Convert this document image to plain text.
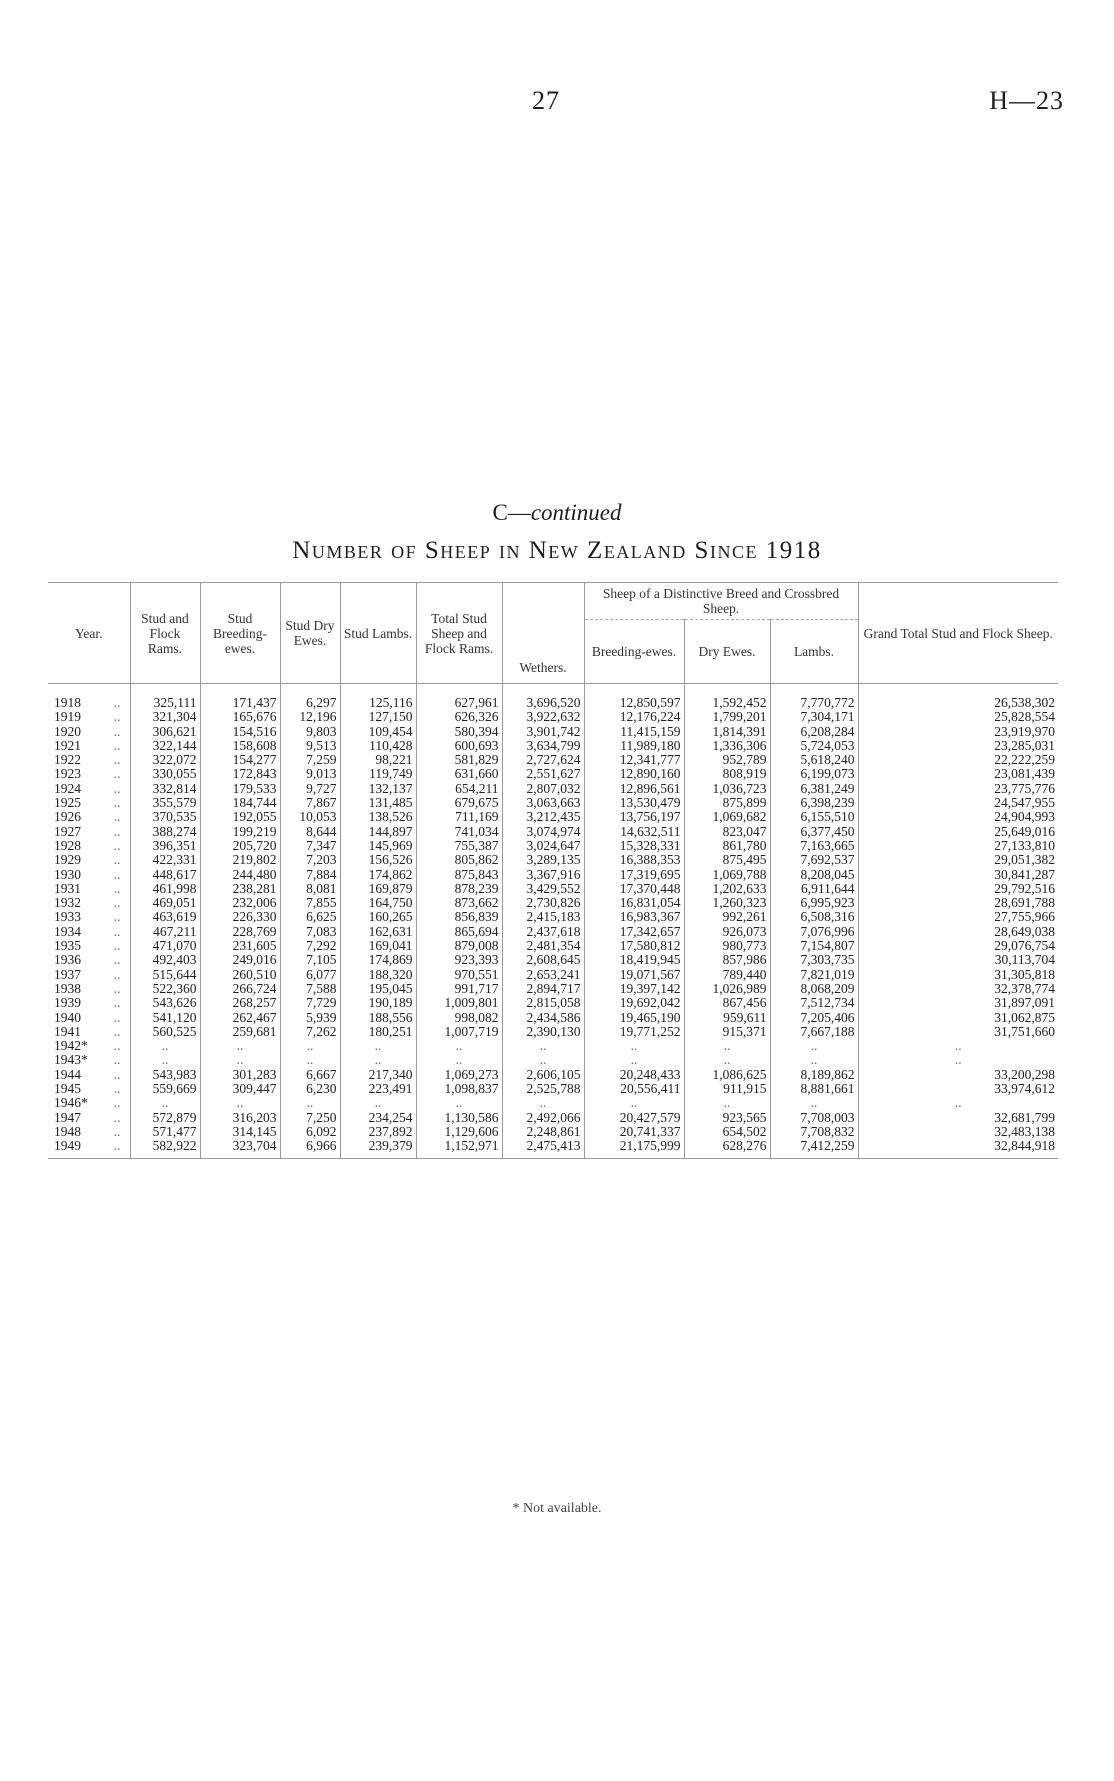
27	H—23
C—continued
Number of Sheep in New Zealand Since 1918
Year.	Stud and Flock Rams.	Stud Breeding-ewes.	Stud Dry Ewes.	Stud Lambs.	Total Stud Sheep and Flock Rams.	Wethers.	Sheep of a Distinctive Breed and Crossbred Sheep.			Grand Total Stud and Flock Sheep.
							Breeding-ewes.	Dry Ewes.	Lambs.	

..
1918	325,111	171,437	6,297	125,116	627,961	3,696,520	12,850,597	1,592,452	7,770,772	26,538,302

..
1919	321,304	165,676	12,196	127,150	626,326	3,922,632	12,176,224	1,799,201	7,304,171	25,828,554

..
1920	306,621	154,516	9,803	109,454	580,394	3,901,742	11,415,159	1,814,391	6,208,284	23,919,970

..
1921	322,144	158,608	9,513	110,428	600,693	3,634,799	11,989,180	1,336,306	5,724,053	23,285,031

..
1922	322,072	154,277	7,259	98,221	581,829	2,727,624	12,341,777	952,789	5,618,240	22,222,259

..
1923	330,055	172,843	9,013	119,749	631,660	2,551,627	12,890,160	808,919	6,199,073	23,081,439

..
1924	332,814	179,533	9,727	132,137	654,211	2,807,032	12,896,561	1,036,723	6,381,249	23,775,776

..
1925	355,579	184,744	7,867	131,485	679,675	3,063,663	13,530,479	875,899	6,398,239	24,547,955

..
1926	370,535	192,055	10,053	138,526	711,169	3,212,435	13,756,197	1,069,682	6,155,510	24,904,993

..
1927	388,274	199,219	8,644	144,897	741,034	3,074,974	14,632,511	823,047	6,377,450	25,649,016

..
1928	396,351	205,720	7,347	145,969	755,387	3,024,647	15,328,331	861,780	7,163,665	27,133,810

..
1929	422,331	219,802	7,203	156,526	805,862	3,289,135	16,388,353	875,495	7,692,537	29,051,382

..
1930	448,617	244,480	7,884	174,862	875,843	3,367,916	17,319,695	1,069,788	8,208,045	30,841,287

..
1931	461,998	238,281	8,081	169,879	878,239	3,429,552	17,370,448	1,202,633	6,911,644	29,792,516

..
1932	469,051	232,006	7,855	164,750	873,662	2,730,826	16,831,054	1,260,323	6,995,923	28,691,788

..
1933	463,619	226,330	6,625	160,265	856,839	2,415,183	16,983,367	992,261	6,508,316	27,755,966

..
1934	467,211	228,769	7,083	162,631	865,694	2,437,618	17,342,657	926,073	7,076,996	28,649,038

..
1935	471,070	231,605	7,292	169,041	879,008	2,481,354	17,580,812	980,773	7,154,807	29,076,754

..
1936	492,403	249,016	7,105	174,869	923,393	2,608,645	18,419,945	857,986	7,303,735	30,113,704

..
1937	515,644	260,510	6,077	188,320	970,551	2,653,241	19,071,567	789,440	7,821,019	31,305,818

..
1938	522,360	266,724	7,588	195,045	991,717	2,894,717	19,397,142	1,026,989	8,068,209	32,378,774

..
1939	543,626	268,257	7,729	190,189	1,009,801	2,815,058	19,692,042	867,456	7,512,734	31,897,091

..
1940	541,120	262,467	5,939	188,556	998,082	2,434,586	19,465,190	959,611	7,205,406	31,062,875

..
1941	560,525	259,681	7,262	180,251	1,007,719	2,390,130	19,771,252	915,371	7,667,188	31,751,660

..
1942*	..	..	..	..	..	..	..	..	..	..

..
1943*	..	..	..	..	..	..	..	..	..	..

..
1944	543,983	301,283	6,667	217,340	1,069,273	2,606,105	20,248,433	1,086,625	8,189,862	33,200,298

..
1945	559,669	309,447	6,230	223,491	1,098,837	2,525,788	20,556,411	911,915	8,881,661	33,974,612

..
1946*	..	..	..	..	..	..	..	..	..	..

..
1947	572,879	316,203	7,250	234,254	1,130,586	2,492,066	20,427,579	923,565	7,708,003	32,681,799

..
1948	571,477	314,145	6,092	237,892	1,129,606	2,248,861	20,741,337	654,502	7,708,832	32,483,138

..
1949	582,922	323,704	6,966	239,379	1,152,971	2,475,413	21,175,999	628,276	7,412,259	32,844,918
* Not available.
